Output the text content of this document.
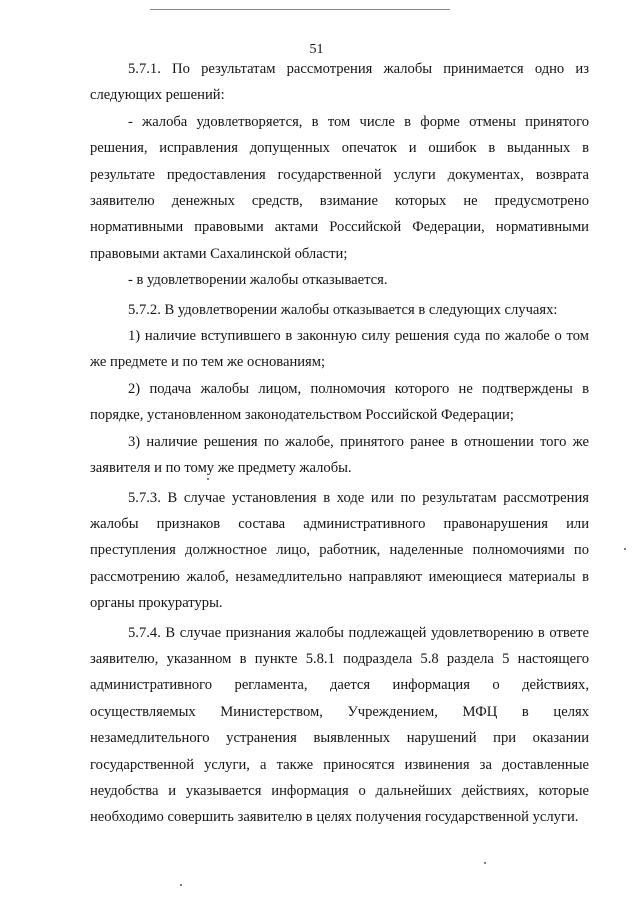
51

5.7.1. По результатам рассмотрения жалобы принимается одно из следующих решений:

- жалоба удовлетворяется, в том числе в форме отмены принятого решения, исправления допущенных опечаток и ошибок в выданных в результате предоставления государственной услуги документах, возврата заявителю денежных средств, взимание которых не предусмотрено нормативными правовыми актами Российской Федерации, нормативными правовыми актами Сахалинской области;

- в удовлетворении жалобы отказывается.

5.7.2. В удовлетворении жалобы отказывается в следующих случаях:

1) наличие вступившего в законную силу решения суда по жалобе о том же предмете и по тем же основаниям;

2) подача жалобы лицом, полномочия которого не подтверждены в порядке, установленном законодательством Российской Федерации;

3) наличие решения по жалобе, принятого ранее в отношении того же заявителя и по тому же предмету жалобы.

5.7.3. В случае установления в ходе или по результатам рассмотрения жалобы признаков состава административного правонарушения или преступления должностное лицо, работник, наделенные полномочиями по рассмотрению жалоб, незамедлительно направляют имеющиеся материалы в органы прокуратуры.

5.7.4. В случае признания жалобы подлежащей удовлетворению в ответе заявителю, указанном в пункте 5.8.1 подраздела 5.8 раздела 5 настоящего административного регламента, дается информация о действиях, осуществляемых Министерством, Учреждением, МФЦ в целях незамедлительного устранения выявленных нарушений при оказании государственной услуги, а также приносятся извинения за доставленные неудобства и указывается информация о дальнейших действиях, которые необходимо совершить заявителю в целях получения государственной услуги.
